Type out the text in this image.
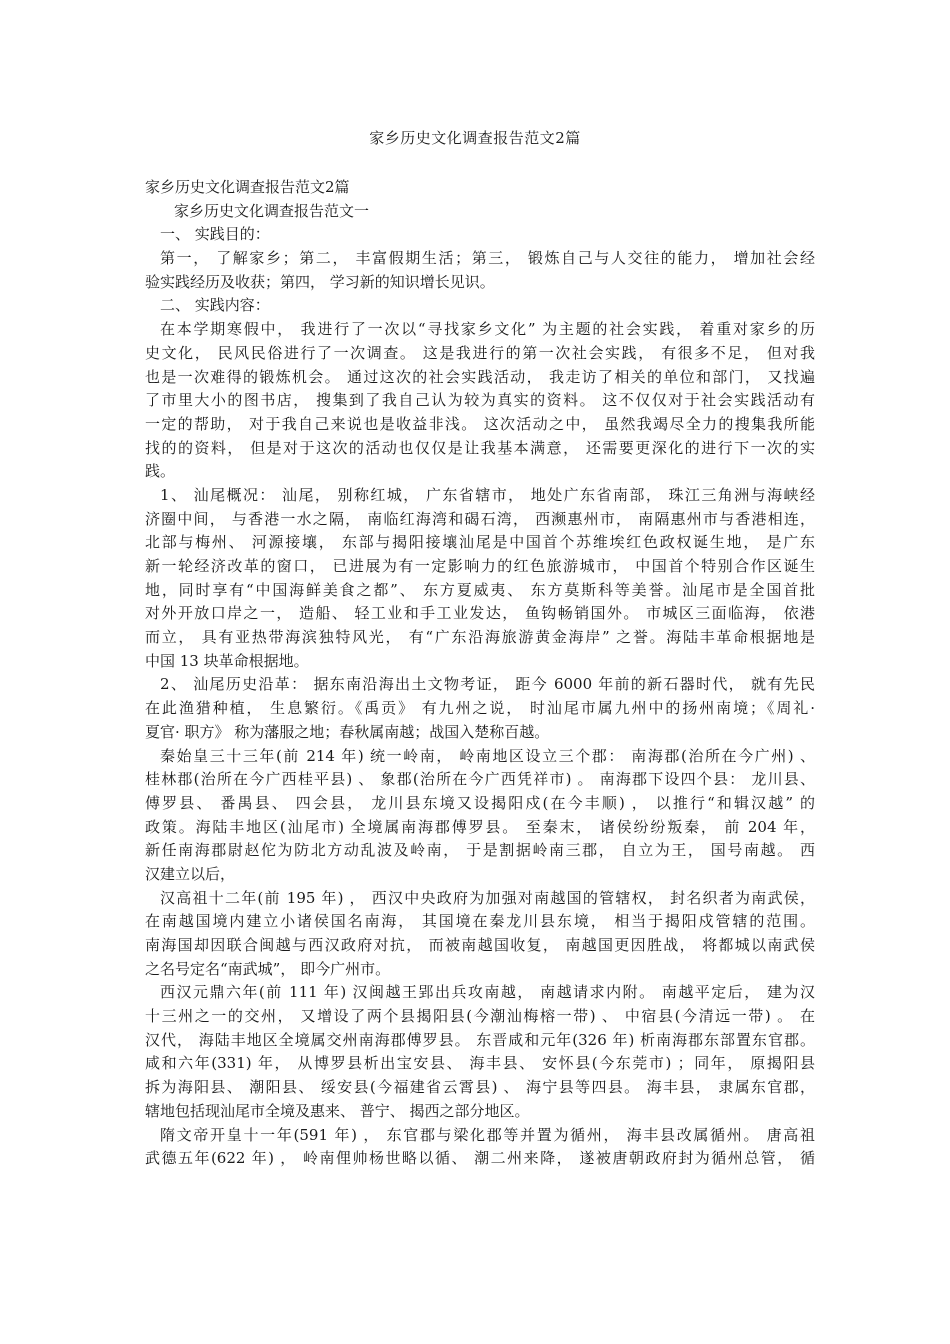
家乡历史文化调查报告范文2篇
家乡历史文化调查报告范文2篇
家乡历史文化调查报告范文一
一、 实践目的：
第一， 了解家乡；第二， 丰富假期生活；第三， 锻炼自己与人交往的能力， 增加社会经
验实践经历及收获；第四， 学习新的知识增长见识。
二、 实践内容：
在本学期寒假中， 我进行了一次以“寻找家乡文化” 为主题的社会实践， 着重对家乡的历
史文化， 民风民俗进行了一次调查。 这是我进行的第一次社会实践， 有很多不足， 但对我
也是一次难得的锻炼机会。 通过这次的社会实践活动， 我走访了相关的单位和部门， 又找遍
了市里大小的图书店， 搜集到了我自己认为较为真实的资料。 这不仅仅对于社会实践活动有
一定的帮助， 对于我自己来说也是收益非浅。 这次活动之中， 虽然我竭尽全力的搜集我所能
找的的资料， 但是对于这次的活动也仅仅是让我基本满意， 还需要更深化的进行下一次的实
践。
1、 汕尾概况： 汕尾， 别称红城， 广东省辖市， 地处广东省南部， 珠江三角洲与海峡经
济圈中间， 与香港一水之隔， 南临红海湾和碣石湾， 西濒惠州市， 南隔惠州市与香港相连，
北部与梅州、 河源接壤， 东部与揭阳接壤汕尾是中国首个苏维埃红色政权诞生地， 是广东
新一轮经济改革的窗口， 已进展为有一定影响力的红色旅游城市， 中国首个特别合作区诞生
地，同时享有“中国海鲜美食之都”、 东方夏威夷、 东方莫斯科等美誉。汕尾市是全国首批
对外开放口岸之一， 造船、 轻工业和手工业发达， 鱼钩畅销国外。 市城区三面临海， 依港
而立， 具有亚热带海滨独特风光， 有“广东沿海旅游黄金海岸” 之誉。海陆丰革命根据地是
中国 13 块革命根据地。
2、 汕尾历史沿革： 据东南沿海出土文物考证， 距今 6000 年前的新石器时代， 就有先民
在此渔猎种植， 生息繁衍。《禹贡》 有九州之说， 时汕尾市属九州中的扬州南境；《周礼·
夏官· 职方》 称为藩服之地；春秋属南越；战国入楚称百越。
秦始皇三十三年(前 214 年) 统一岭南， 岭南地区设立三个郡： 南海郡(治所在今广州) 、
桂林郡(治所在今广西桂平县) 、 象郡(治所在今广西凭祥市) 。 南海郡下设四个县： 龙川县、
傅罗县、 番禺县、 四会县， 龙川县东境又设揭阳戍(在今丰顺) ， 以推行“和辑汉越” 的
政策。海陆丰地区(汕尾市) 全境属南海郡傅罗县。 至秦末， 诸侯纷纷叛秦， 前 204 年，
新任南海郡尉赵佗为防北方动乱波及岭南， 于是割据岭南三郡， 自立为王， 国号南越。 西
汉建立以后，
汉高祖十二年(前 195 年) ， 西汉中央政府为加强对南越国的管辖权， 封名织者为南武侯，
在南越国境内建立小诸侯国名南海， 其国境在秦龙川县东境， 相当于揭阳戍管辖的范围。
南海国却因联合闽越与西汉政府对抗， 而被南越国收复， 南越国更因胜战， 将都城以南武侯
之名号定名“南武城”， 即今广州市。
西汉元鼎六年(前 111 年) 汉闽越王郢出兵攻南越， 南越请求内附。 南越平定后， 建为汉
十三州之一的交州， 又增设了两个县揭阳县(今潮汕梅榕一带) 、 中宿县(今清远一带) 。 在
汉代， 海陆丰地区全境属交州南海郡傅罗县。 东晋咸和元年(326 年) 析南海郡东部置东官郡。
咸和六年(331) 年， 从博罗县析出宝安县、 海丰县、 安怀县(今东莞市) ；同年， 原揭阳县
拆为海阳县、 潮阳县、 绥安县(今福建省云霄县) 、 海宁县等四县。 海丰县， 隶属东官郡，
辖地包括现汕尾市全境及惠来、 普宁、 揭西之部分地区。
隋文帝开皇十一年(591 年) ， 东官郡与梁化郡等并置为循州， 海丰县改属循州。 唐高祖
武德五年(622 年) ， 岭南俚帅杨世略以循、 潮二州来降， 遂被唐朝政府封为循州总管， 循
